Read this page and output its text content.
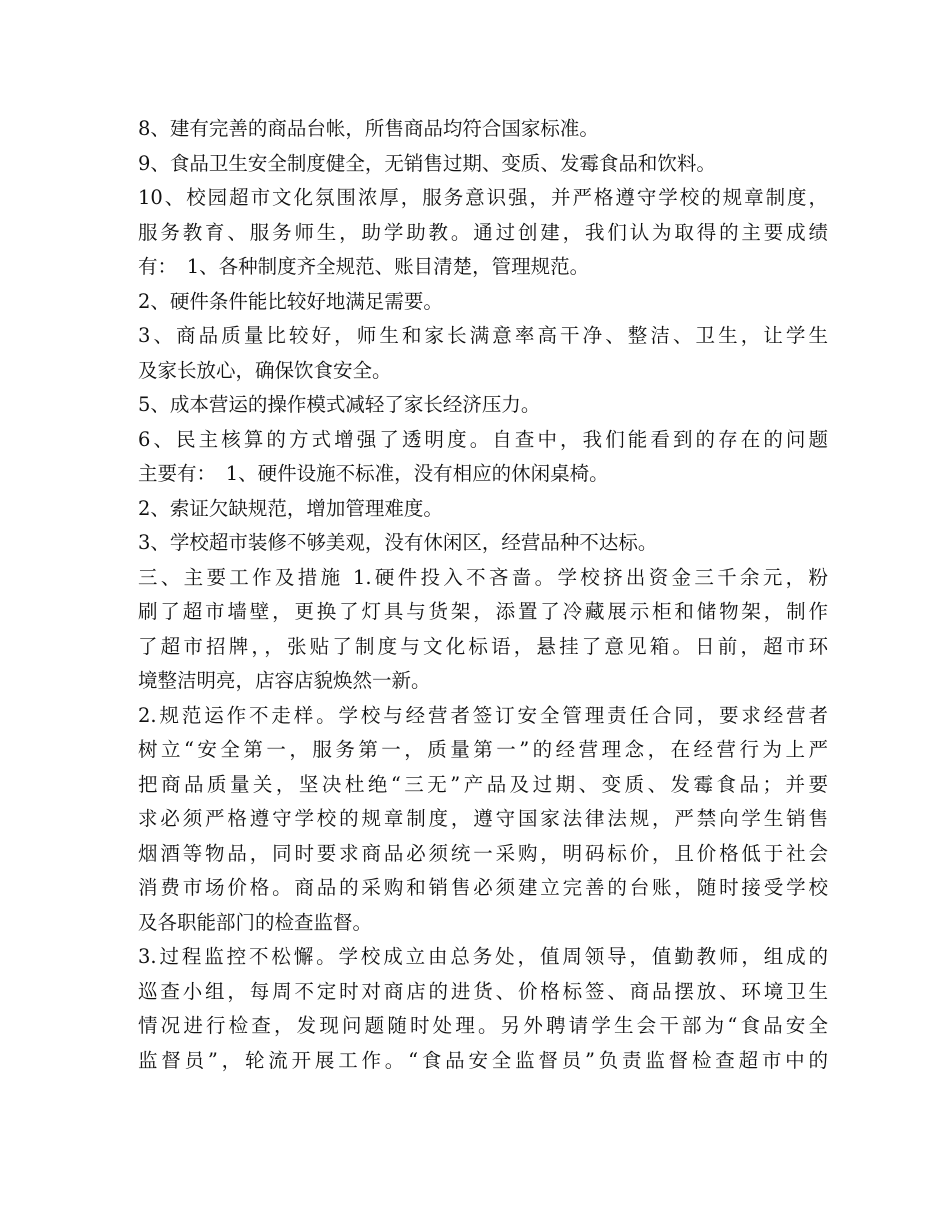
8、建有完善的商品台帐，所售商品均符合国家标准。
9、食品卫生安全制度健全，无销售过期、变质、发霉食品和饮料。
10、校园超市文化氛围浓厚，服务意识强，并严格遵守学校的规章制度，
服务教育、服务师生，助学助教。通过创建，我们认为取得的主要成绩
有：　1、各种制度齐全规范、账目清楚，管理规范。
2、硬件条件能比较好地满足需要。
3、商品质量比较好，师生和家长满意率高干净、整洁、卫生，让学生
及家长放心，确保饮食安全。
5、成本营运的操作模式减轻了家长经济压力。
6、民主核算的方式增强了透明度。自查中，我们能看到的存在的问题
主要有：　1、硬件设施不标准，没有相应的休闲桌椅。
2、索证欠缺规范，增加管理难度。
3、学校超市装修不够美观，没有休闲区，经营品种不达标。
三、主要工作及措施 1.硬件投入不吝啬。学校挤出资金三千余元，粉
刷了超市墙壁，更换了灯具与货架，添置了冷藏展示柜和储物架，制作
了超市招牌，，张贴了制度与文化标语，悬挂了意见箱。日前，超市环
境整洁明亮，店容店貌焕然一新。
2.规范运作不走样。学校与经营者签订安全管理责任合同，要求经营者
树立“安全第一，服务第一，质量第一”的经营理念，在经营行为上严
把商品质量关，坚决杜绝“三无”产品及过期、变质、发霉食品；并要
求必须严格遵守学校的规章制度，遵守国家法律法规，严禁向学生销售
烟酒等物品，同时要求商品必须统一采购，明码标价，且价格低于社会
消费市场价格。商品的采购和销售必须建立完善的台账，随时接受学校
及各职能部门的检查监督。
3.过程监控不松懈。学校成立由总务处，值周领导，值勤教师，组成的
巡查小组，每周不定时对商店的进货、价格标签、商品摆放、环境卫生
情况进行检查，发现问题随时处理。另外聘请学生会干部为“食品安全
监督员”，轮流开展工作。“食品安全监督员”负责监督检查超市中的
